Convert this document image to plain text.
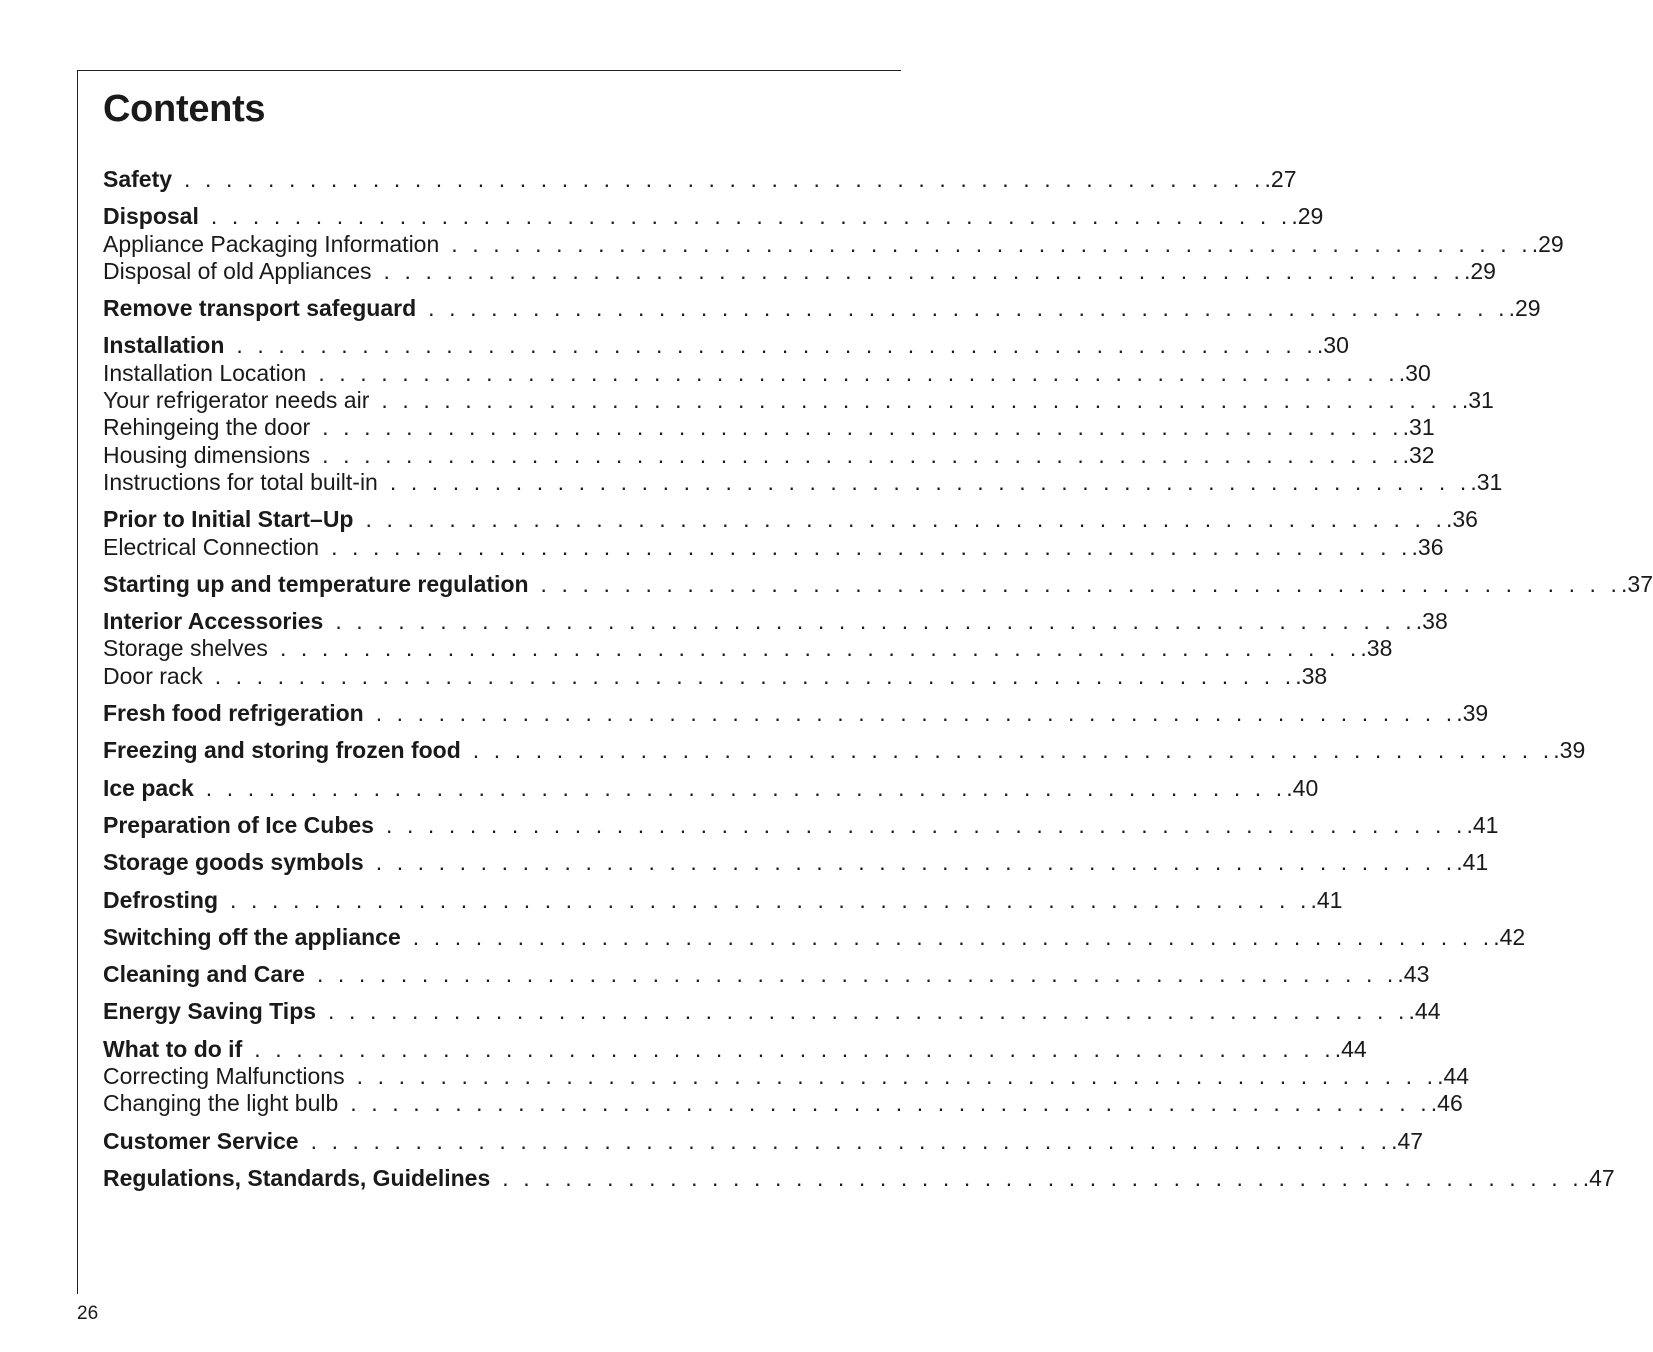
Contents
Safety . . . . . . . . . . . . . . . . . . . . . . . . . . . . . . . . . . . . . . . . . . . . . . . . . . . . .27
Disposal . . . . . . . . . . . . . . . . . . . . . . . . . . . . . . . . . . . . . . . . . . . . . . . . . . . . .29
Appliance Packaging Information . . . . . . . . . . . . . . . . . . . . . . . . . . . . . . . . . . . . . . . . . . . . . . . . . . . . .29
Disposal of old Appliances . . . . . . . . . . . . . . . . . . . . . . . . . . . . . . . . . . . . . . . . . . . . . . . . . . . . .29
Remove transport safeguard . . . . . . . . . . . . . . . . . . . . . . . . . . . . . . . . . . . . . . . . . . . . . . . . . . . . .29
Installation . . . . . . . . . . . . . . . . . . . . . . . . . . . . . . . . . . . . . . . . . . . . . . . . . . . . .30
Installation Location . . . . . . . . . . . . . . . . . . . . . . . . . . . . . . . . . . . . . . . . . . . . . . . . . . . . .30
Your refrigerator needs air . . . . . . . . . . . . . . . . . . . . . . . . . . . . . . . . . . . . . . . . . . . . . . . . . . . . .31
Rehingeing the door . . . . . . . . . . . . . . . . . . . . . . . . . . . . . . . . . . . . . . . . . . . . . . . . . . . . .31
Housing dimensions . . . . . . . . . . . . . . . . . . . . . . . . . . . . . . . . . . . . . . . . . . . . . . . . . . . . .32
Instructions for total built-in . . . . . . . . . . . . . . . . . . . . . . . . . . . . . . . . . . . . . . . . . . . . . . . . . . . . .31
Prior to Initial Start–Up . . . . . . . . . . . . . . . . . . . . . . . . . . . . . . . . . . . . . . . . . . . . . . . . . . . . .36
Electrical Connection . . . . . . . . . . . . . . . . . . . . . . . . . . . . . . . . . . . . . . . . . . . . . . . . . . . . .36
Starting up and temperature regulation . . . . . . . . . . . . . . . . . . . . . . . . . . . . . . . . . . . . . . . . . . . . . . . . . . . . .37
Interior Accessories . . . . . . . . . . . . . . . . . . . . . . . . . . . . . . . . . . . . . . . . . . . . . . . . . . . . .38
Storage shelves . . . . . . . . . . . . . . . . . . . . . . . . . . . . . . . . . . . . . . . . . . . . . . . . . . . . .38
Door rack . . . . . . . . . . . . . . . . . . . . . . . . . . . . . . . . . . . . . . . . . . . . . . . . . . . . .38
Fresh food refrigeration . . . . . . . . . . . . . . . . . . . . . . . . . . . . . . . . . . . . . . . . . . . . . . . . . . . . .39
Freezing and storing frozen food . . . . . . . . . . . . . . . . . . . . . . . . . . . . . . . . . . . . . . . . . . . . . . . . . . . . .39
Ice pack . . . . . . . . . . . . . . . . . . . . . . . . . . . . . . . . . . . . . . . . . . . . . . . . . . . . .40
Preparation of Ice Cubes . . . . . . . . . . . . . . . . . . . . . . . . . . . . . . . . . . . . . . . . . . . . . . . . . . . . .41
Storage goods symbols . . . . . . . . . . . . . . . . . . . . . . . . . . . . . . . . . . . . . . . . . . . . . . . . . . . . .41
Defrosting . . . . . . . . . . . . . . . . . . . . . . . . . . . . . . . . . . . . . . . . . . . . . . . . . . . . .41
Switching off the appliance . . . . . . . . . . . . . . . . . . . . . . . . . . . . . . . . . . . . . . . . . . . . . . . . . . . . .42
Cleaning and Care . . . . . . . . . . . . . . . . . . . . . . . . . . . . . . . . . . . . . . . . . . . . . . . . . . . . .43
Energy Saving Tips . . . . . . . . . . . . . . . . . . . . . . . . . . . . . . . . . . . . . . . . . . . . . . . . . . . . .44
What to do if . . . . . . . . . . . . . . . . . . . . . . . . . . . . . . . . . . . . . . . . . . . . . . . . . . . . .44
Correcting Malfunctions . . . . . . . . . . . . . . . . . . . . . . . . . . . . . . . . . . . . . . . . . . . . . . . . . . . . .44
Changing the light bulb . . . . . . . . . . . . . . . . . . . . . . . . . . . . . . . . . . . . . . . . . . . . . . . . . . . . .46
Customer Service . . . . . . . . . . . . . . . . . . . . . . . . . . . . . . . . . . . . . . . . . . . . . . . . . . . . .47
Regulations, Standards, Guidelines . . . . . . . . . . . . . . . . . . . . . . . . . . . . . . . . . . . . . . . . . . . . . . . . . . . . .47
26
